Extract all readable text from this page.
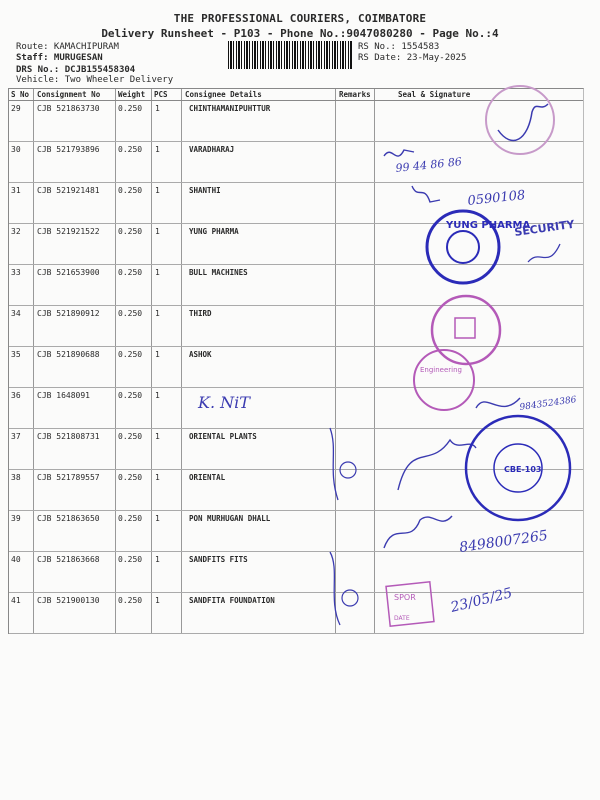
THE PROFESSIONAL COURIERS, COIMBATORE
Delivery Runsheet - P103 - Phone No.:9047080280 - Page No.:4
Route: KAMACHIPURAM
Staff: MURUGESAN
DRS No.: DCJB155458304
Vehicle: Two Wheeler Delivery
RS No.: 1554583
RS Date: 23-May-2025
S No Consignment No Weight PCS Consignee Details	Remarks	Seal & Signature
29 CJB 521863730 0.250 1	CHINTHAMANIPUHTTUR
30 CJB 521793896 0.250 1	VARADHARAJ
31 CJB 521921481 0.250 1	SHANTHI
32 CJB 521921522 0.250 1	YUNG PHARMA
33 CJB 521653900 0.250 1	BULL MACHINES
34 CJB 521890912 0.250 1	THIRD
35 CJB 521890688 0.250 1	ASHOK
36 CJB 1648091	0.250 1
37 CJB 521808731 0.250 1	ORIENTAL PLANTS
38 CJB 521789557 0.250 1	ORIENTAL
39 CJB 521863650 0.250 1	PON MURHUGAN DHALL
40 CJB 521863668 0.250 1	SANDFITS FITS
41 CJB 521900130 0.250 1	SANDFITA FOUNDATION
99 44 86 86
0590108
YUNG PHARMA
SECURITY
Engineering
K. NiT	9843524386
CBE-103
8498007265
SPOR
DATE
23/05/25
